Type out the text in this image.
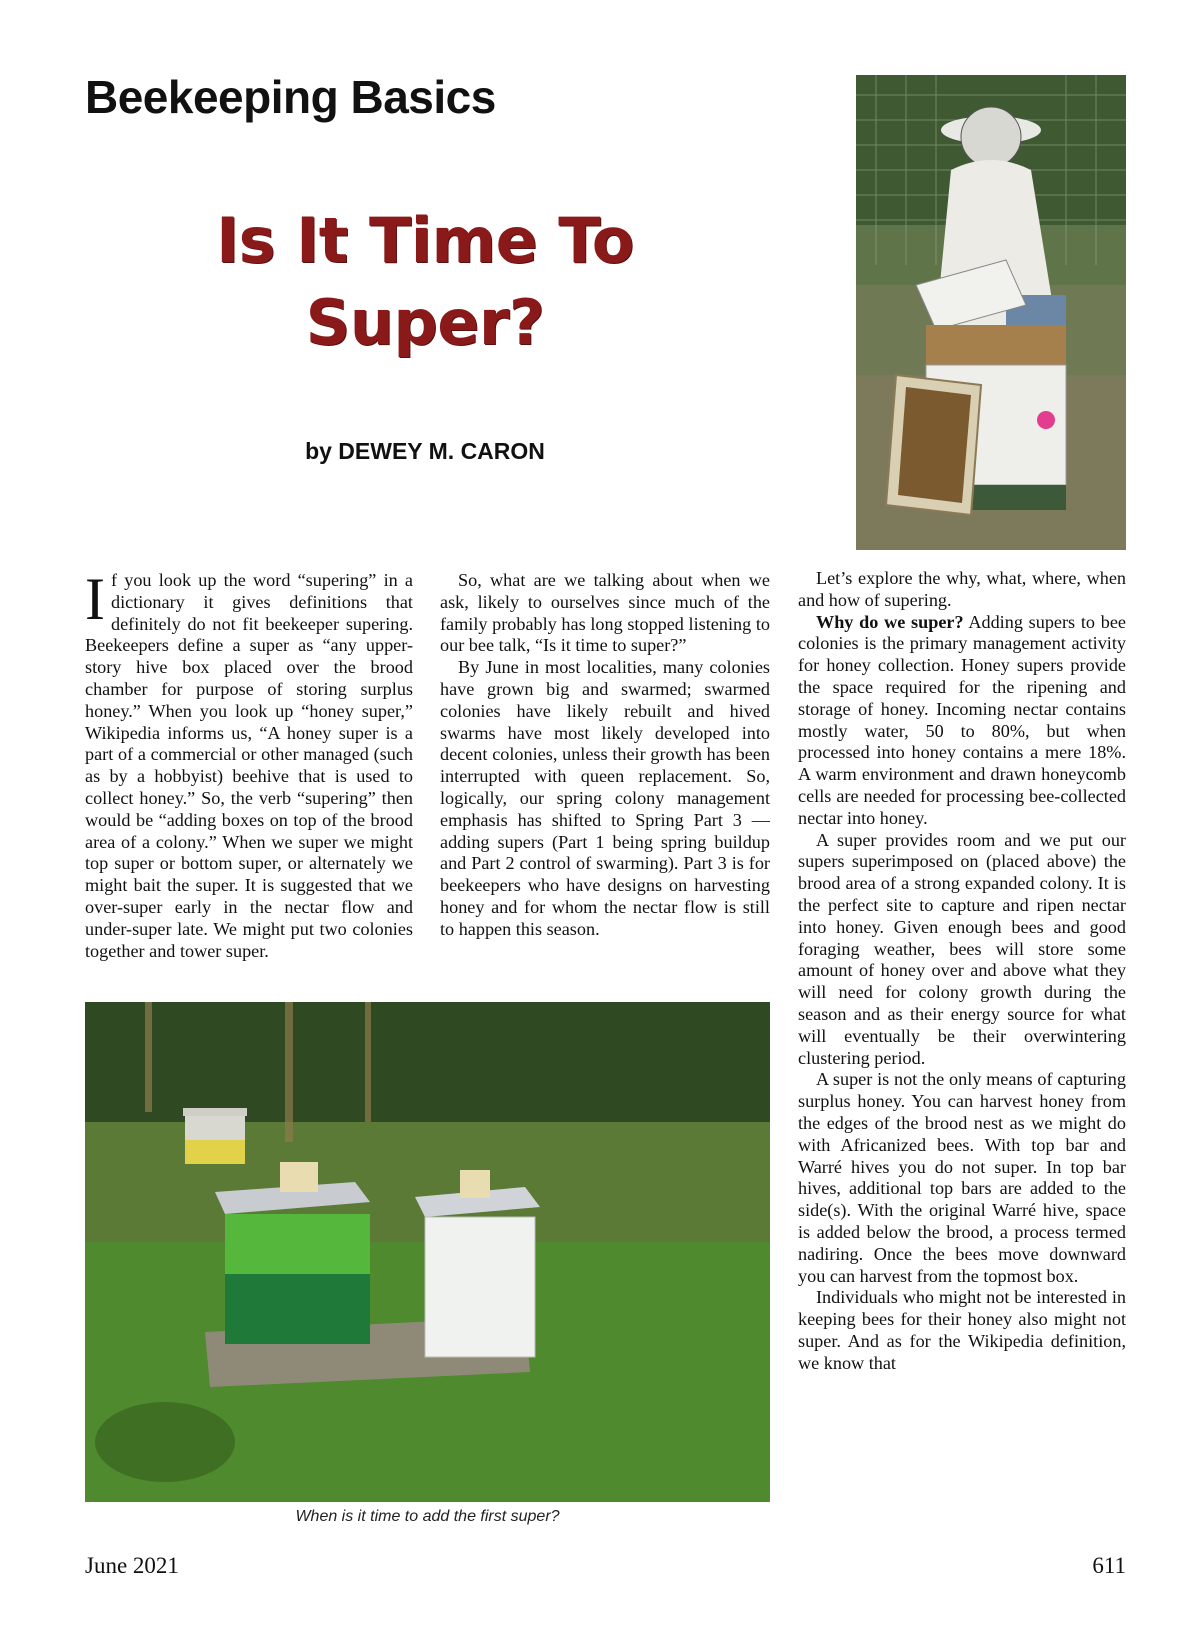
Beekeeping Basics
Is It Time To
Super?
by DEWEY M. CARON

If you look up the word “supering” in a dictionary it gives definitions that definitely do not fit beekeeper supering. Beekeepers define a super as “any upper-story hive box placed over the brood chamber for purpose of storing surplus honey.” When you look up “honey super,” Wikipedia informs us, “A honey super is a part of a commercial or other managed (such as by a hobbyist) beehive that is used to collect honey.” So, the verb “supering” then would be “adding boxes on top of the brood area of a colony.” When we super we might top super or bottom super, or alternately we might bait the super. It is suggested that we over-super early in the nectar flow and under-super late. We might put two colonies together and tower super.

So, what are we talking about when we ask, likely to ourselves since much of the family probably has long stopped listening to our bee talk, “Is it time to super?”

By June in most localities, many colonies have grown big and swarmed; swarmed colonies have likely rebuilt and hived swarms have most likely developed into decent colonies, unless their growth has been interrupted with queen replacement. So, logically, our spring colony management emphasis has shifted to Spring Part 3 — adding supers (Part 1 being spring buildup and Part 2 control of swarming). Part 3 is for beekeepers who have designs on harvesting honey and for whom the nectar flow is still to happen this season.

Let’s explore the why, what, where, when and how of supering.

Why do we super? Adding supers to bee colonies is the primary management activity for honey collection. Honey supers provide the space required for the ripening and storage of honey. Incoming nectar contains mostly water, 50 to 80%, but when processed into honey contains a mere 18%. A warm environment and drawn honeycomb cells are needed for processing bee-collected nectar into honey.

A super provides room and we put our supers superimposed on (placed above) the brood area of a strong expanded colony. It is the perfect site to capture and ripen nectar into honey. Given enough bees and good foraging weather, bees will store some amount of honey over and above what they will need for colony growth during the season and as their energy source for what will eventually be their overwintering clustering period.

A super is not the only means of capturing surplus honey. You can harvest honey from the edges of the brood nest as we might do with Africanized bees. With top bar and Warré hives you do not super. In top bar hives, additional top bars are added to the side(s). With the original Warré hive, space is added below the brood, a process termed nadiring. Once the bees move downward you can harvest from the topmost box.

Individuals who might not be interested in keeping bees for their honey also might not super. And as for the Wikipedia definition, we know that

When is it time to add the first super?
June 2021	611
